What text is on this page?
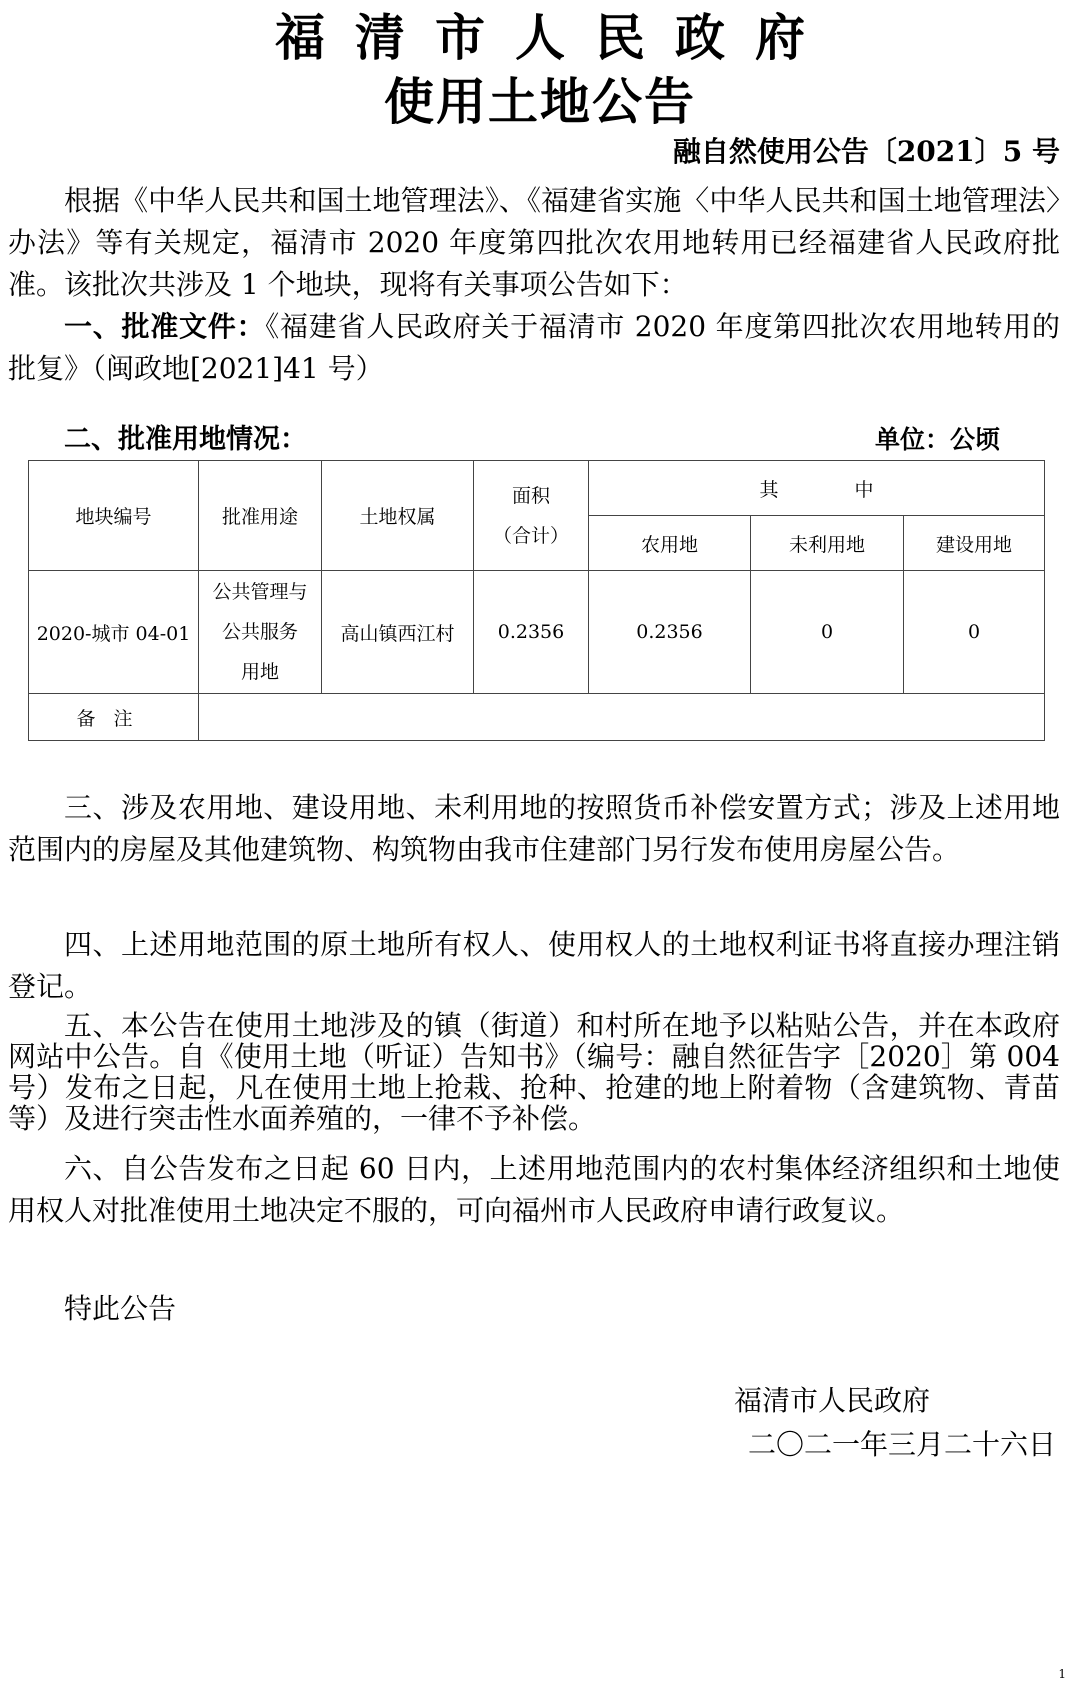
福清市人民政府
使用土地公告
融自然使用公告〔2021〕5 号
根据《中华人民共和国土地管理法》、《福建省实施〈中华人民共和国土地管理法〉办法》等有关规定，福清市 2020 年度第四批次农用地转用已经福建省人民政府批准。该批次共涉及 1 个地块，现将有关事项公告如下：
一、批准文件：《福建省人民政府关于福清市 2020 年度第四批次农用地转用的批复》（闽政地[2021]41 号）
二、批准用地情况：	单位：公顷
地块编号	批准用途	土地权属	面积
（合计）	其　　　　中		
				农用地	未利用地	建设用地
2020-城市 04-01	公共管理与
公共服务
用地	高山镇西江村	0.2356	0.2356	0	0
备注						
三、涉及农用地、建设用地、未利用地的按照货币补偿安置方式；涉及上述用地范围内的房屋及其他建筑物、构筑物由我市住建部门另行发布使用房屋公告。
四、上述用地范围的原土地所有权人、使用权人的土地权利证书将直接办理注销登记。
五、本公告在使用土地涉及的镇（街道）和村所在地予以粘贴公告，并在本政府网站中公告。自《使用土地（听证）告知书》（编号：融自然征告字［2020］第 004 号）发布之日起，凡在使用土地上抢栽、抢种、抢建的地上附着物（含建筑物、青苗等）及进行突击性水面养殖的，一律不予补偿。
六、自公告发布之日起 60 日内，上述用地范围内的农村集体经济组织和土地使用权人对批准使用土地决定不服的，可向福州市人民政府申请行政复议。
特此公告
福清市人民政府
二〇二一年三月二十六日
1
